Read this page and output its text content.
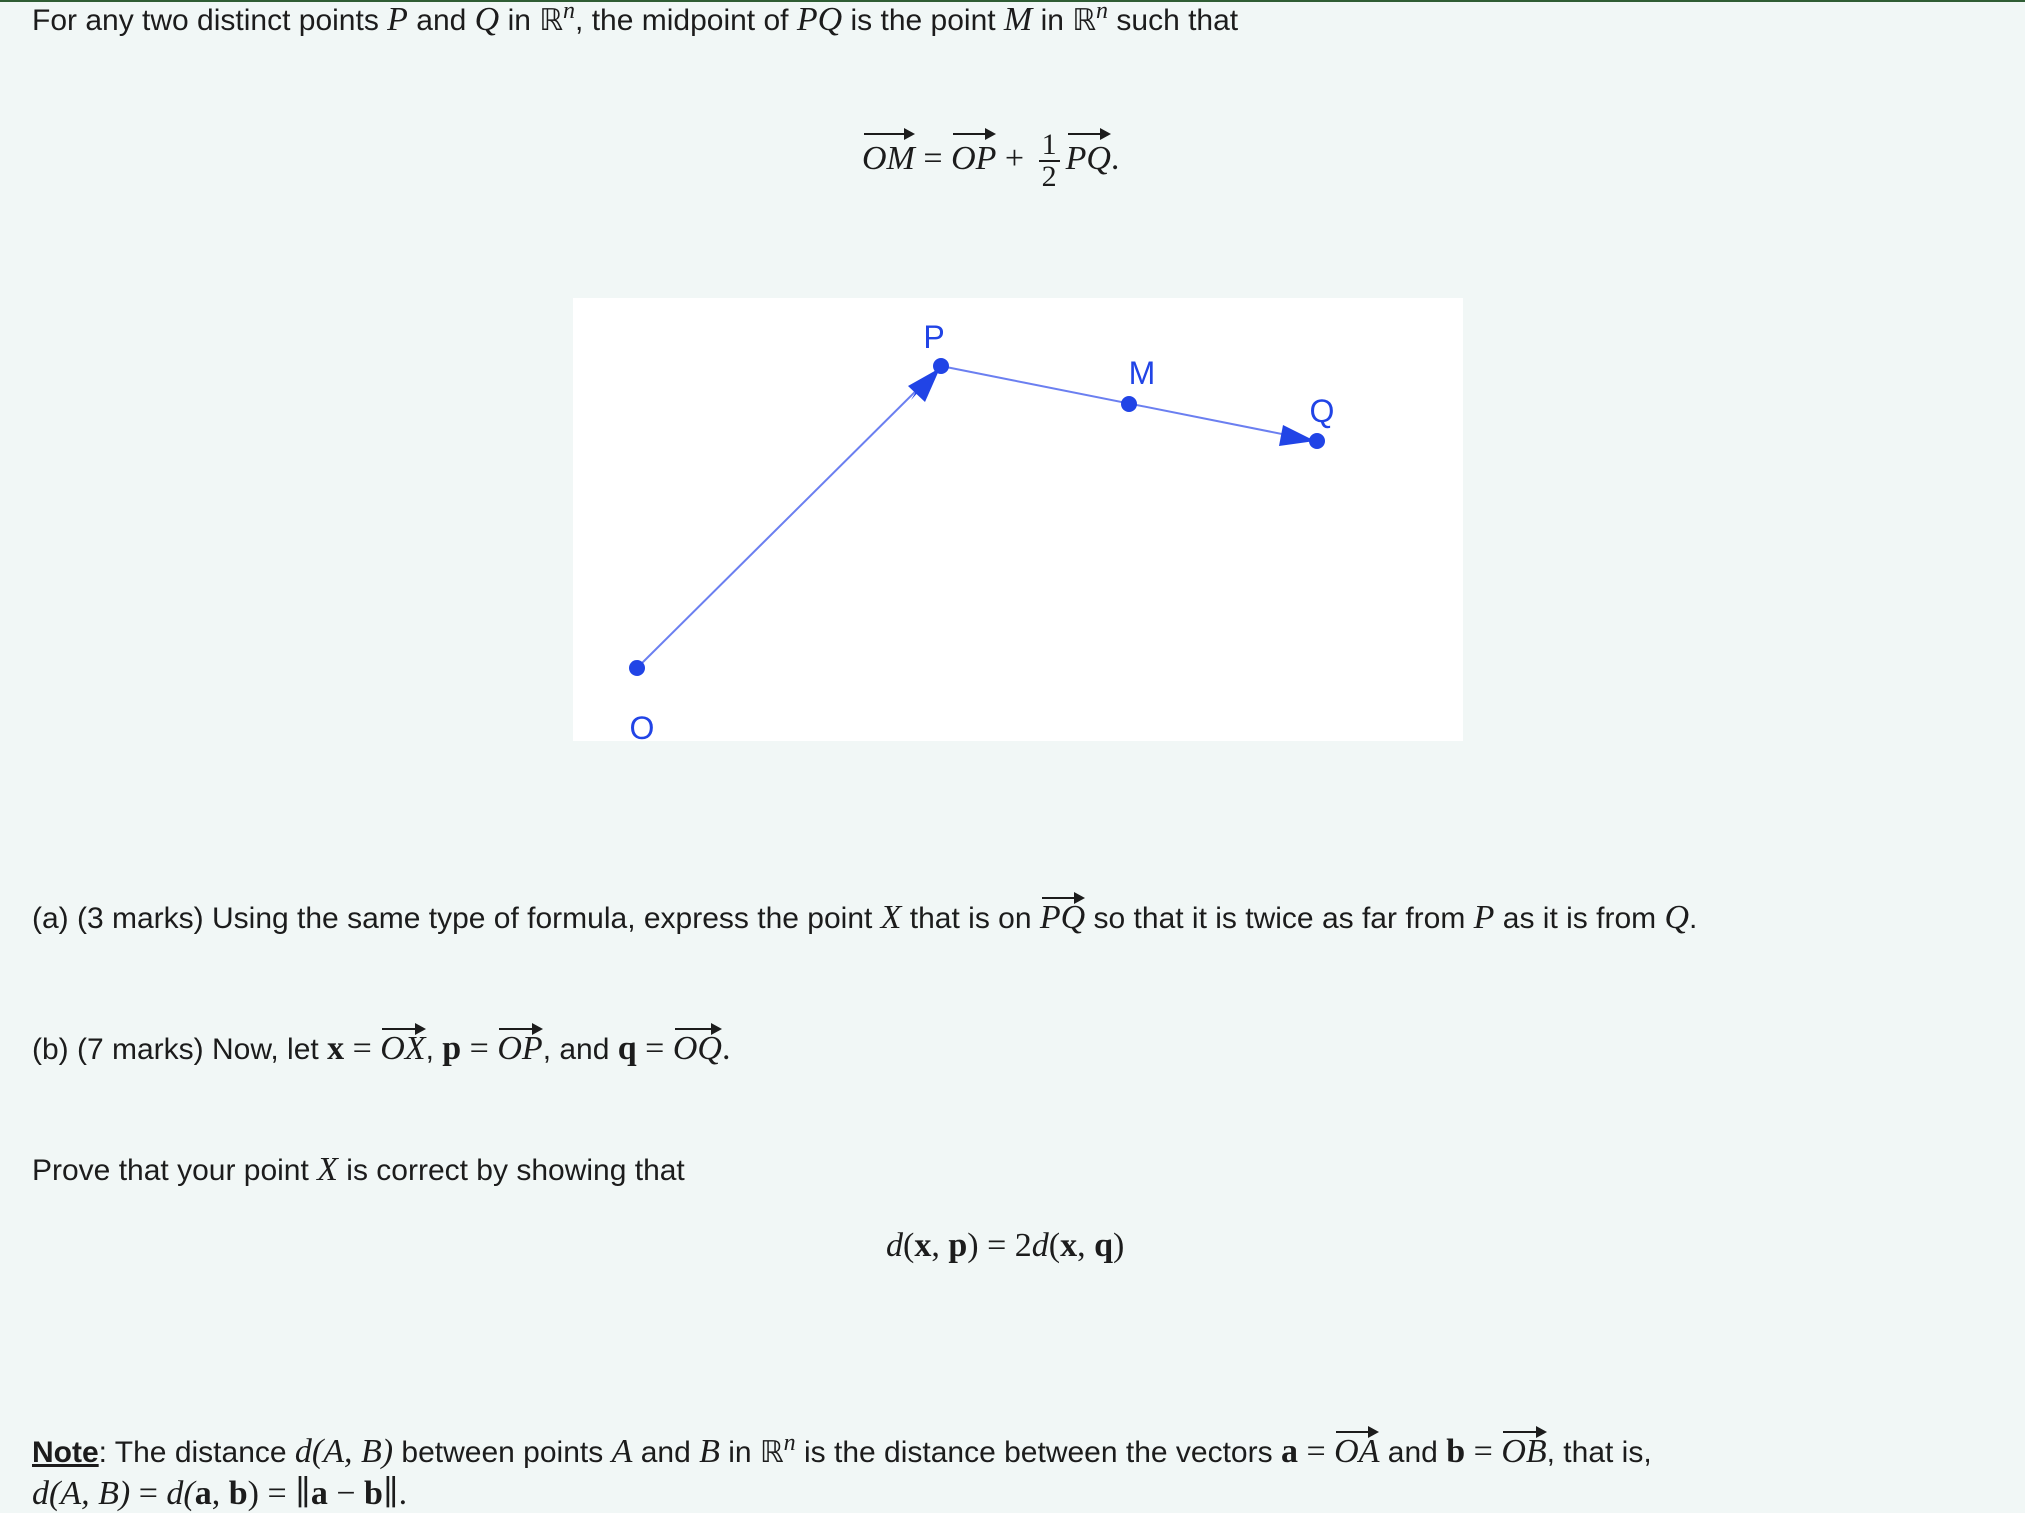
For any two distinct points P and Q in ℝ$^n$, the midpoint of PQ is the point M in ℝ$^n$ such that
OM = OP + $\frac{1}{2}$ PQ.
O
P
M
Q
(a) (3 marks) Using the same type of formula, express the point X that is on PQ so that it is twice as far from P as it is from Q.
(b) (7 marks) Now, let x = OX, p = OP, and q = OQ.
Prove that your point X is correct by showing that
d(x, p) = 2d(x, q)
Note: The distance d(A, B) between points A and B in ℝ$^n$ is the distance between the vectors a = OA and b = OB, that is,
d(A, B) = d(a, b) = ∥a − b∥.
